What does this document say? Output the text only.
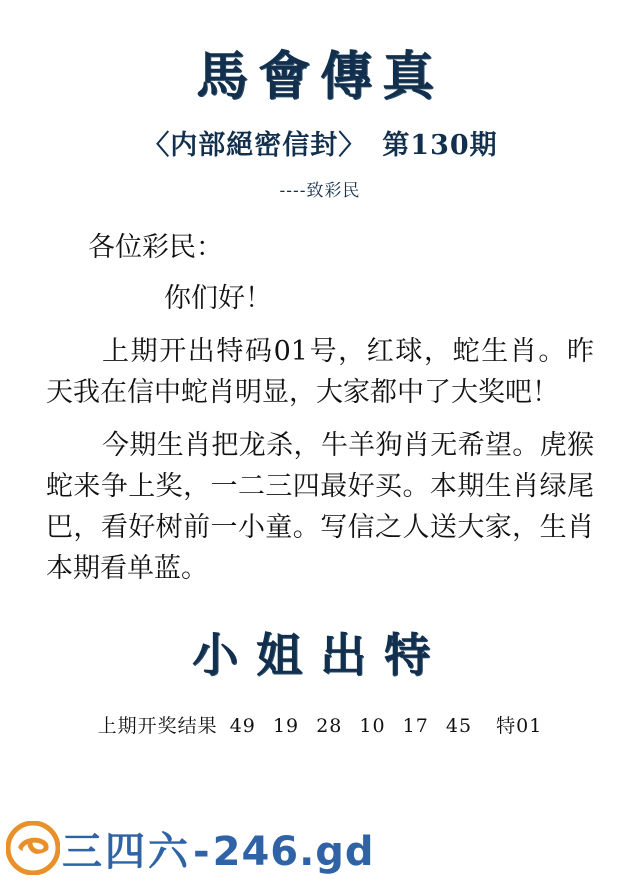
馬會傳真
〈内部絕密信封〉 第130期
----致彩民
各位彩民：
你们好！
上期开出特码01号，红球，蛇生肖。昨天我在信中蛇肖明显，大家都中了大奖吧！
今期生肖把龙杀，牛羊狗肖无希望。虎猴蛇来争上奖，一二三四最好买。本期生肖绿尾巴，看好树前一小童。写信之人送大家，生肖本期看单蓝。
小姐出特
上期开奖结果 49 19 28 10 17 45 特01
三四六 - 246.gd
